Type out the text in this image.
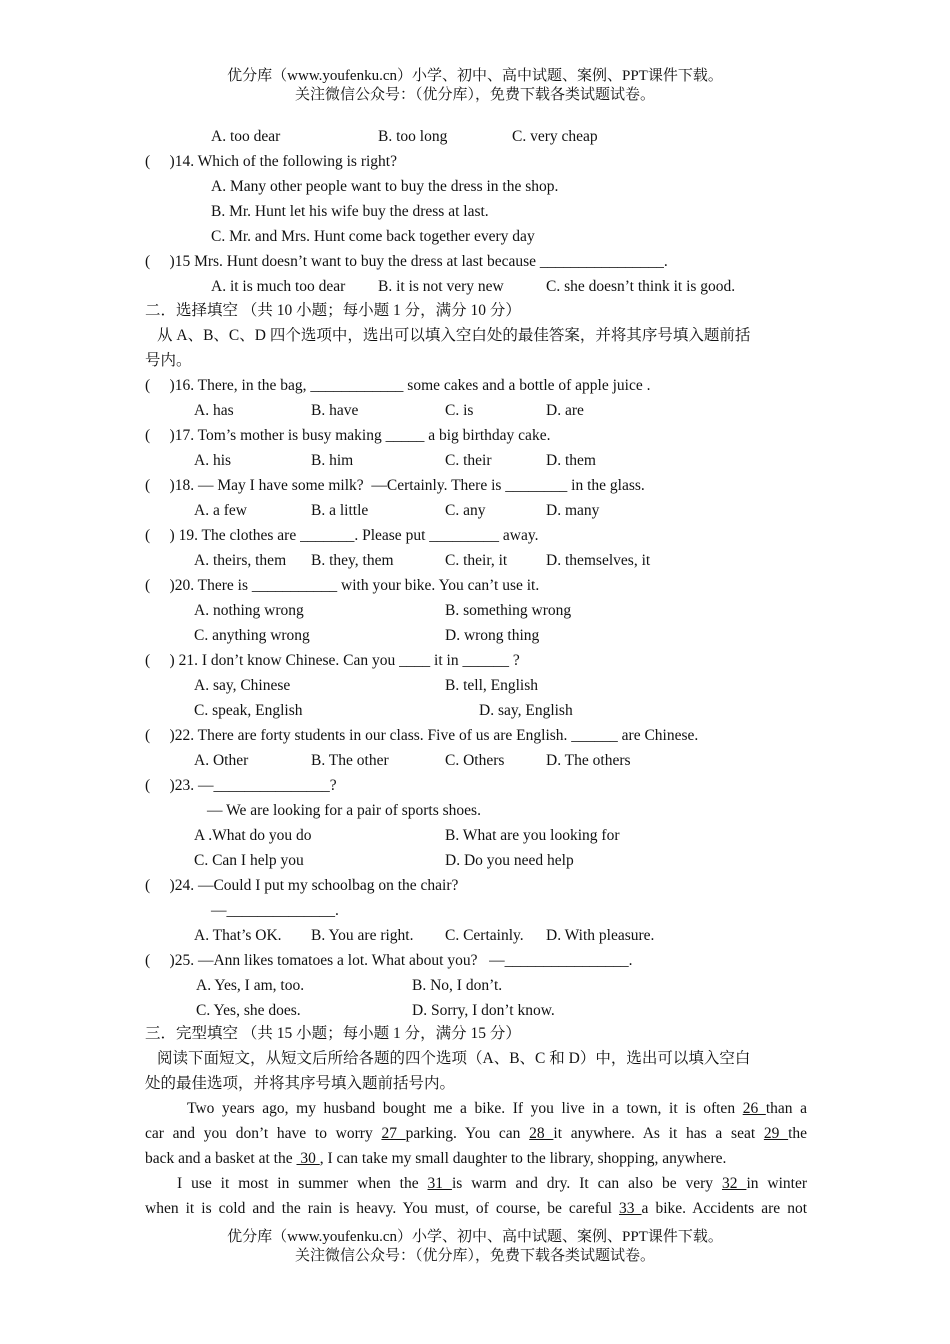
优分库（www.youfenku.cn）小学、初中、高中试题、案例、PPT课件下载。
关注微信公众号：（优分库），免费下载各类试题试卷。
A. too dear	B. too long	C. very cheap
(     )14. Which of the following is right?
A. Many other people want to buy the dress in the shop.
B. Mr. Hunt let his wife buy the dress at last.
C. Mr. and Mrs. Hunt come back together every day
(     )15 Mrs. Hunt doesn’t want to buy the dress at last because ________________.
A. it is much too dear B. it is not very new	C. she doesn’t think it is good.
二．选择填空 （共 10 小题；每小题 1 分，满分 10 分）
从 A、B、C、D 四个选项中，选出可以填入空白处的最佳答案，并将其序号填入题前括
号内。
(     )16. There, in the bag, ____________ some cakes and a bottle of apple juice .
A. has	B. have	C. is	D. are
(     )17. Tom’s mother is busy making _____ a big birthday cake.
A. his	B. him	C. their	D. them
(     )18. — May I have some milk?  —Certainly. There is ________ in the glass.
A. a few	B. a little	C. any	D. many
(     ) 19. The clothes are _______. Please put _________ away.
A. theirs, them B. they, them	C. their, it	D. themselves, it
(     )20. There is ___________ with your bike. You can’t use it.
A. nothing wrong	B. something wrong
C. anything wrong	D. wrong thing
(     ) 21. I don’t know Chinese. Can you ____ it in ______ ?
A. say, Chinese	B. tell, English
C. speak, English	D. say, English
(     )22. There are forty students in our class. Five of us are English. ______ are Chinese.
A. Other	B. The other	C. Others	D. The others
(     )23. —_______________?
— We are looking for a pair of sports shoes.
A .What do you do	B. What are you looking for
C. Can I help you	D. Do you need help
(     )24. —Could I put my schoolbag on the chair?
—______________.
A. That’s OK. B. You are right. C. Certainly. D. With pleasure.
(     )25. —Ann likes tomatoes a lot. What about you?   —________________.
A. Yes, I am, too.	B. No, I don’t.
C. Yes, she does.	D. Sorry, I don’t know.
三．完型填空 （共 15 小题；每小题 1 分，满分 15 分）
阅读下面短文，从短文后所给各题的四个选项（A、B、C 和 D）中，选出可以填入空白
处的最佳选项，并将其序号填入题前括号内。
Two years ago, my husband bought me a bike. If you live in a town, it is often 26 than a
car and you don’t have to worry 27 parking. You can 28 it anywhere. As it has a seat 29 the
back and a basket at the  30 , I can take my small daughter to the library, shopping, anywhere.
I use it most in summer when the 31 is warm and dry. It can also be very 32 in winter
when it is cold and the rain is heavy. You must, of course, be careful 33 a bike. Accidents are not
优分库（www.youfenku.cn）小学、初中、高中试题、案例、PPT课件下载。
关注微信公众号：（优分库），免费下载各类试题试卷。
